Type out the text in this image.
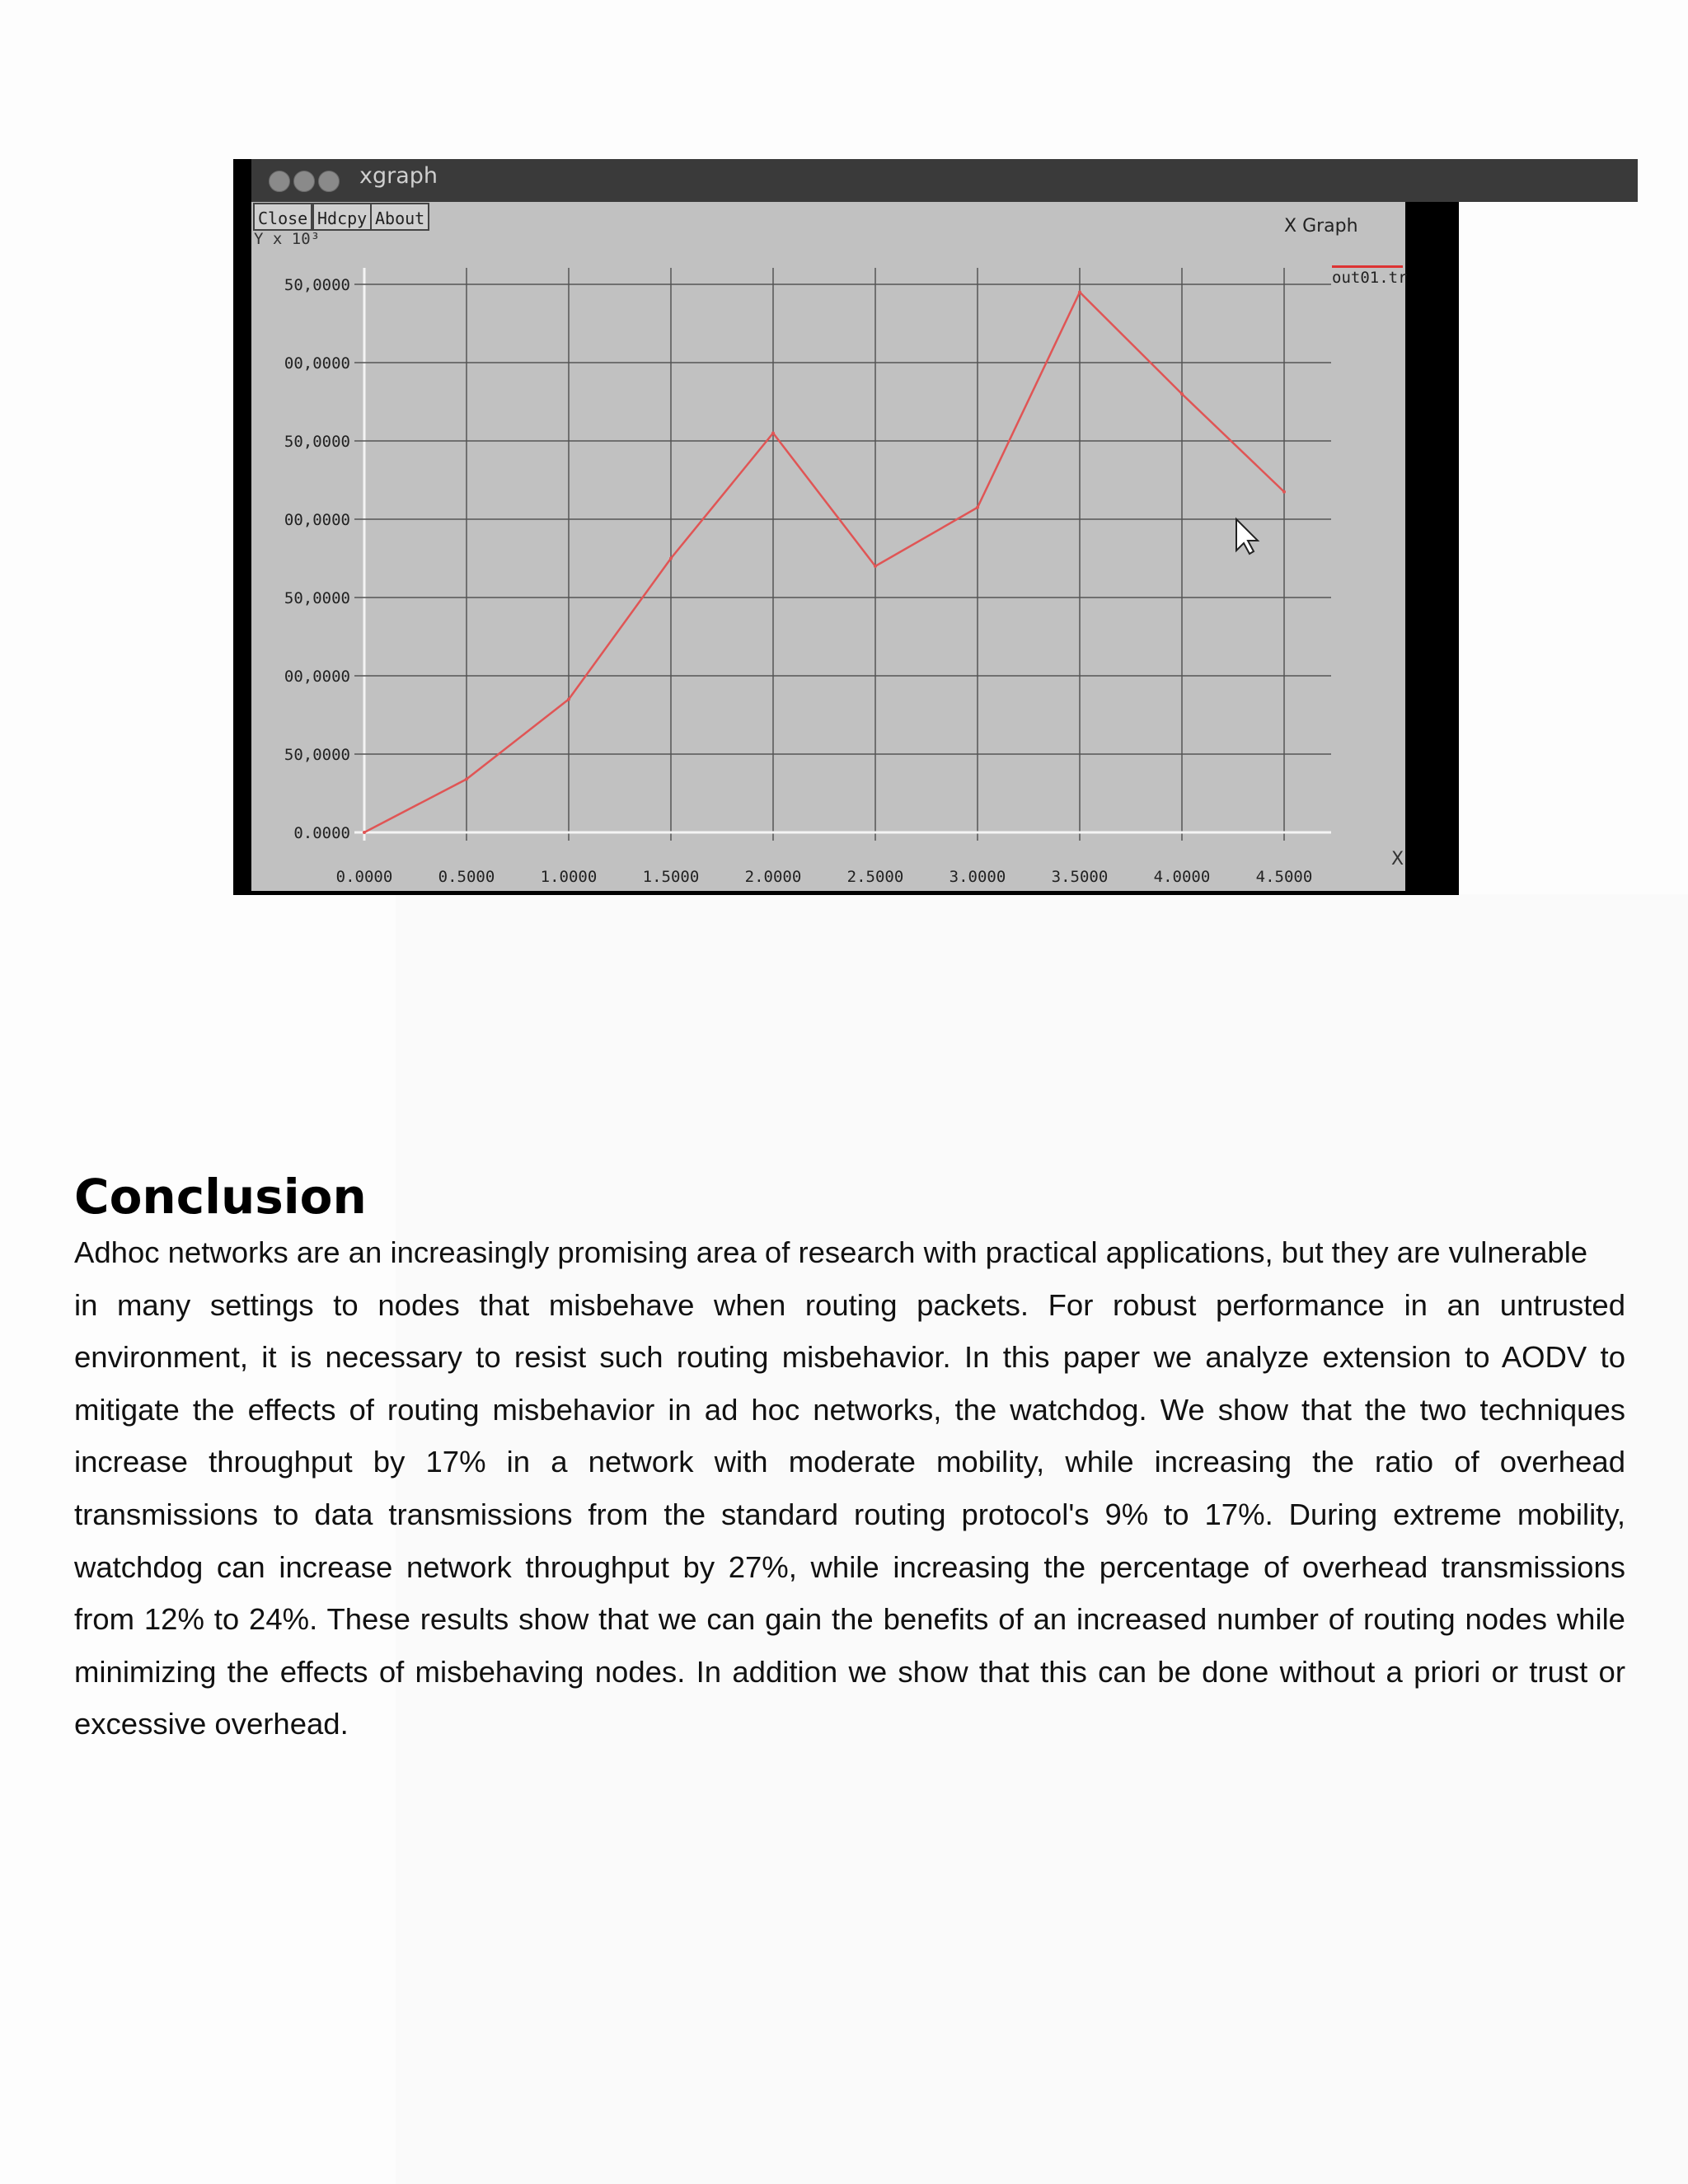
xgraph
Close Hdcpy About
Y x 10³
X Graph
out01.tr
X
50,0000
00,0000
50,0000
00,0000
50,0000
00,0000
50,0000
0.0000
0.0000	0.5000	1.0000	1.5000	2.0000	2.5000	3.0000	3.5000	4.0000	4.5000
Conclusion
Adhoc networks are an increasingly promising area of research with practical applications, but they are vulnerable
in many settings to nodes that misbehave when routing packets. For robust performance in an untrusted
environment, it is necessary to resist such routing misbehavior. In this paper we analyze extension to AODV to
mitigate the effects of routing misbehavior in ad hoc networks, the watchdog. We show that the two techniques
increase throughput by 17% in a network with moderate mobility, while increasing the ratio of overhead
transmissions to data transmissions from the standard routing protocol's 9% to 17%. During extreme mobility,
watchdog can increase network throughput by 27%, while increasing the percentage of overhead transmissions
from 12% to 24%. These results show that we can gain the benefits of an increased number of routing nodes while
minimizing the effects of misbehaving nodes. In addition we show that this can be done without a priori or trust or
excessive overhead.
